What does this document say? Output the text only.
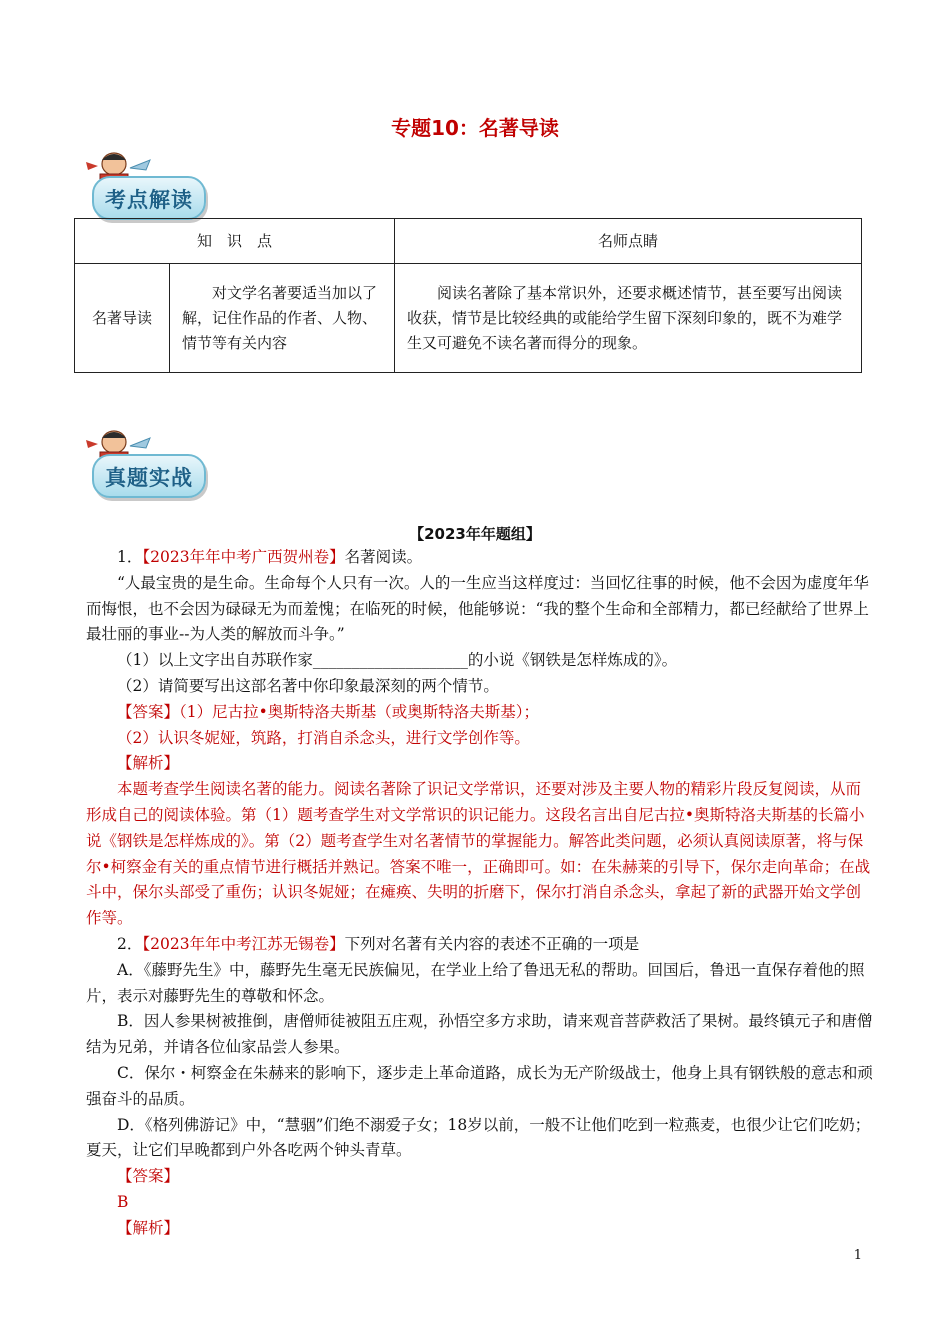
专题10：名著导读
考点解读
知　识　点		名师点睛
名著导读	对文学名著要适当加以了解，记住作品的作者、人物、情节等有关内容	阅读名著除了基本常识外，还要求概述情节，甚至要写出阅读收获，情节是比较经典的或能给学生留下深刻印象的，既不为难学生又可避免不读名著而得分的现象。
真题实战
【2023年年题组】

1．【2023年年中考广西贺州卷】名著阅读。

“人最宝贵的是生命。生命每个人只有一次。人的一生应当这样度过：当回忆往事的时候，他不会因为虚度年华而悔恨，也不会因为碌碌无为而羞愧；在临死的时候，他能够说：“我的整个生命和全部精力，都已经献给了世界上最壮丽的事业--为人类的解放而斗争。”

（1）以上文字出自苏联作家____________________的小说《钢铁是怎样炼成的》。

（2）请简要写出这部名著中你印象最深刻的两个情节。

【答案】（1）尼古拉•奥斯特洛夫斯基（或奥斯特洛夫斯基）；

（2）认识冬妮娅，筑路，打消自杀念头，进行文学创作等。

【解析】

本题考查学生阅读名著的能力。阅读名著除了识记文学常识，还要对涉及主要人物的精彩片段反复阅读，从而形成自己的阅读体验。第（1）题考查学生对文学常识的识记能力。这段名言出自尼古拉•奥斯特洛夫斯基的长篇小说《钢铁是怎样炼成的》。第（2）题考查学生对名著情节的掌握能力。解答此类问题，必须认真阅读原著，将与保尔•柯察金有关的重点情节进行概括并熟记。答案不唯一，正确即可。如：在朱赫莱的引导下，保尔走向革命；在战斗中，保尔头部受了重伤；认识冬妮娅；在瘫痪、失明的折磨下，保尔打消自杀念头，拿起了新的武器开始文学创作等。

2．【2023年年中考江苏无锡卷】下列对名著有关内容的表述不正确的一项是

A．《藤野先生》中，藤野先生毫无民族偏见，在学业上给了鲁迅无私的帮助。回国后，鲁迅一直保存着他的照片，表示对藤野先生的尊敬和怀念。

B．因人参果树被推倒，唐僧师徒被阻五庄观，孙悟空多方求助，请来观音菩萨救活了果树。最终镇元子和唐僧结为兄弟，并请各位仙家品尝人参果。

C．保尔・柯察金在朱赫来的影响下，逐步走上革命道路，成长为无产阶级战士，他身上具有钢铁般的意志和顽强奋斗的品质。

D．《格列佛游记》中，“慧骃”们绝不溺爱子女；18岁以前，一般不让他们吃到一粒燕麦，也很少让它们吃奶；夏天，让它们早晚都到户外各吃两个钟头青草。

【答案】

B

【解析】

1
